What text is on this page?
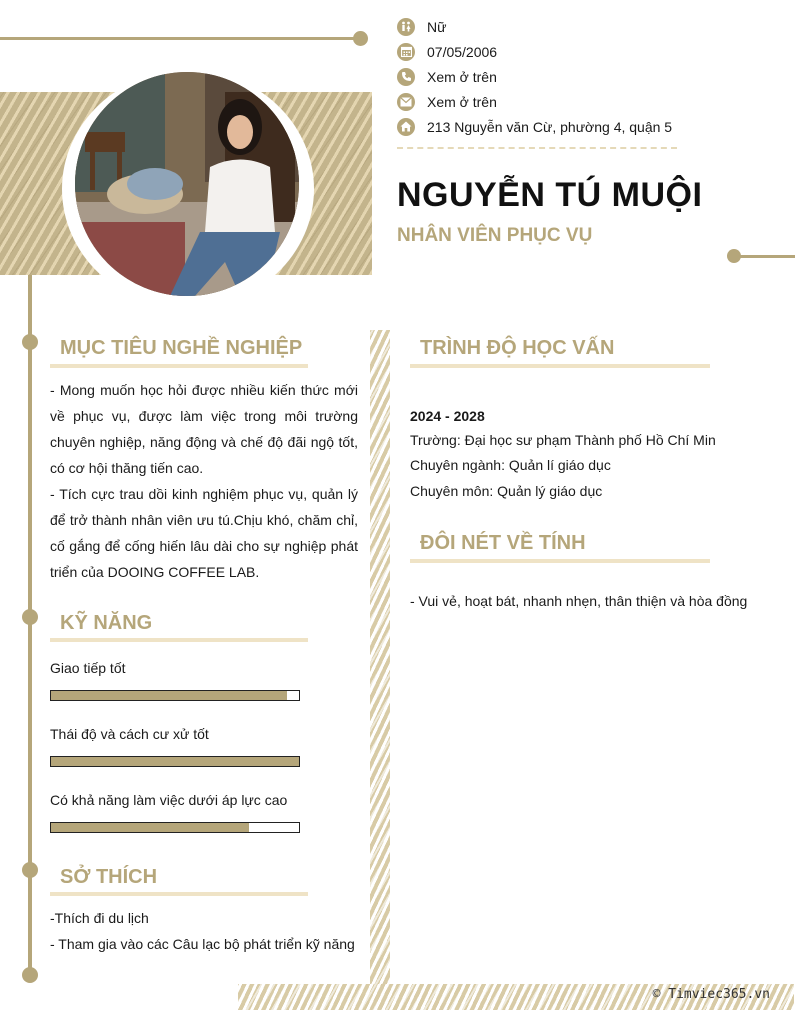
Nữ
07/05/2006
Xem ở trên
Xem ở trên
213 Nguyễn văn Cừ, phường 4, quận 5
NGUYỄN TÚ MUỘI
NHÂN VIÊN PHỤC VỤ
© Timviec365.vn
MỤC TIÊU NGHỀ NGHIỆP
- Mong muốn học hỏi được nhiều kiến thức mới về phục vụ, được làm việc trong môi trường chuyên nghiệp, năng động và chế độ đãi ngộ tốt, có cơ hội thăng tiến cao.
- Tích cực trau dồi kinh nghiệm phục vụ, quản lý để trở thành nhân viên ưu tú.Chịu khó, chăm chỉ, cố gắng để cống hiến lâu dài cho sự nghiệp phát triển của DOOING COFFEE LAB.
KỸ NĂNG
Giao tiếp tốt
Thái độ và cách cư xử tốt
Có khả năng làm việc dưới áp lực cao
SỞ THÍCH
-Thích đi du lịch
- Tham gia vào các Câu lạc bộ phát triển kỹ năng
TRÌNH ĐỘ HỌC VẤN
2024 - 2028
Trường: Đại học sư phạm Thành phố Hồ Chí Min
Chuyên ngành: Quản lí giáo dục
Chuyên môn: Quản lý giáo dục
ĐÔI NÉT VỀ TÍNH
- Vui vẻ, hoạt bát, nhanh nhẹn, thân thiện và hòa đồng
